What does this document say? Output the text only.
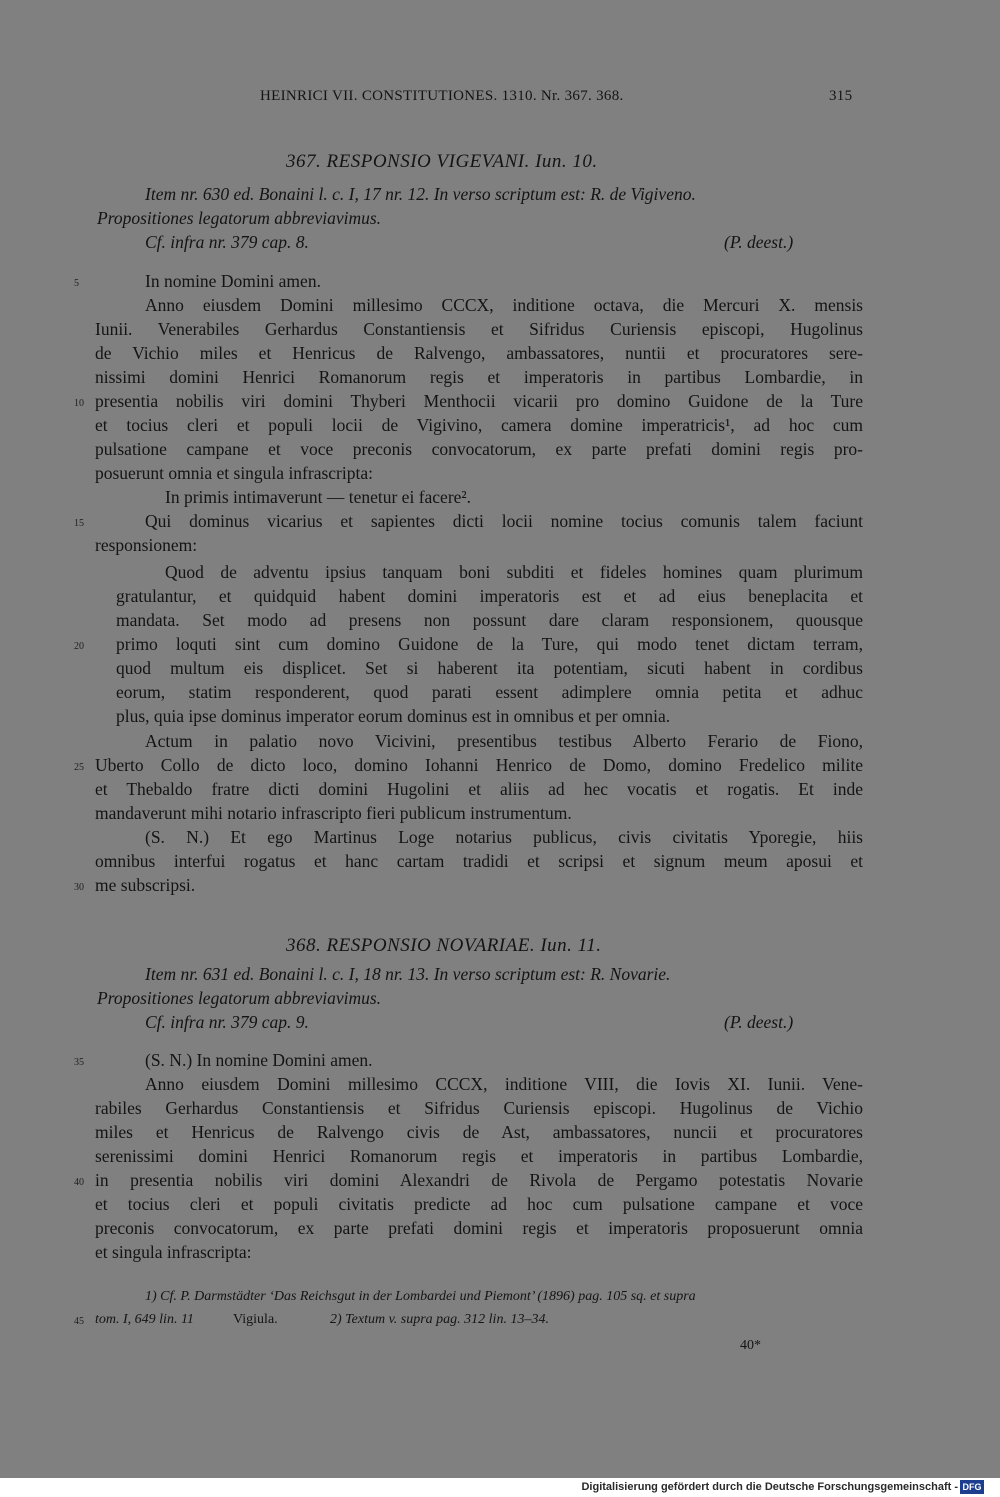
HEINRICI VII. CONSTITUTIONES. 1310. Nr. 367. 368.	315
367. RESPONSIO VIGEVANI. Iun. 10.
Item nr. 630 ed. Bonaini l. c. I, 17 nr. 12. In verso scriptum est: R. de Vigiveno.
Propositiones legatorum abbreviavimus.
Cf. infra nr. 379 cap. 8.	(P. deest.)
In nomine Domini amen.
Anno eiusdem Domini millesimo CCCX, inditione octava, die Mercuri X. mensis
Iunii. Venerabiles Gerhardus Constantiensis et Sifridus Curiensis episcopi, Hugolinus
de Vichio miles et Henricus de Ralvengo, ambassatores, nuntii et procuratores sere-
nissimi domini Henrici Romanorum regis et imperatoris in partibus Lombardie, in
presentia nobilis viri domini Thyberi Menthocii vicarii pro domino Guidone de la Ture
et tocius cleri et populi locii de Vigivino, camera domine imperatricis¹, ad hoc cum
pulsatione campane et voce preconis convocatorum, ex parte prefati domini regis pro-
posuerunt omnia et singula infrascripta:
In primis intimaverunt — tenetur ei facere².
Qui dominus vicarius et sapientes dicti locii nomine tocius comunis talem faciunt
responsionem:
Quod de adventu ipsius tanquam boni subditi et fideles homines quam plurimum
gratulantur, et quidquid habent domini imperatoris est et ad eius beneplacita et
mandata. Set modo ad presens non possunt dare claram responsionem, quousque
primo loquti sint cum domino Guidone de la Ture, qui modo tenet dictam terram,
quod multum eis displicet. Set si haberent ita potentiam, sicuti habent in cordibus
eorum, statim responderent, quod parati essent adimplere omnia petita et adhuc
plus, quia ipse dominus imperator eorum dominus est in omnibus et per omnia.
Actum in palatio novo Vicivini, presentibus testibus Alberto Ferario de Fiono,
Uberto Collo de dicto loco, domino Iohanni Henrico de Domo, domino Fredelico milite
et Thebaldo fratre dicti domini Hugolini et aliis ad hec vocatis et rogatis. Et inde
mandaverunt mihi notario infrascripto fieri publicum instrumentum.
(S. N.) Et ego Martinus Loge notarius publicus, civis civitatis Yporegie, hiis
omnibus interfui rogatus et hanc cartam tradidi et scripsi et signum meum aposui et
me subscripsi.
368. RESPONSIO NOVARIAE. Iun. 11.
Item nr. 631 ed. Bonaini l. c. I, 18 nr. 13. In verso scriptum est: R. Novarie.
Propositiones legatorum abbreviavimus.
Cf. infra nr. 379 cap. 9.	(P. deest.)
(S. N.) In nomine Domini amen.
Anno eiusdem Domini millesimo CCCX, inditione VIII, die Iovis XI. Iunii. Vene-
rabiles Gerhardus Constantiensis et Sifridus Curiensis episcopi. Hugolinus de Vichio
miles et Henricus de Ralvengo civis de Ast, ambassatores, nuncii et procuratores
serenissimi domini Henrici Romanorum regis et imperatoris in partibus Lombardie,
in presentia nobilis viri domini Alexandri de Rivola de Pergamo potestatis Novarie
et tocius cleri et populi civitatis predicte ad hoc cum pulsatione campane et voce
preconis convocatorum, ex parte prefati domini regis et imperatoris proposuerunt omnia
et singula infrascripta:
5
10
15
20
25
30
35
40
45
1) Cf. P. Darmstädter ‘Das Reichsgut in der Lombardei und Piemont’ (1896) pag. 105 sq. et supra
tom. I, 649 lin. 11	Vigiula.	2) Textum v. supra pag. 312 lin. 13–34.
40*
Digitalisierung gefördert durch die Deutsche Forschungsgemeinschaft - DFG
